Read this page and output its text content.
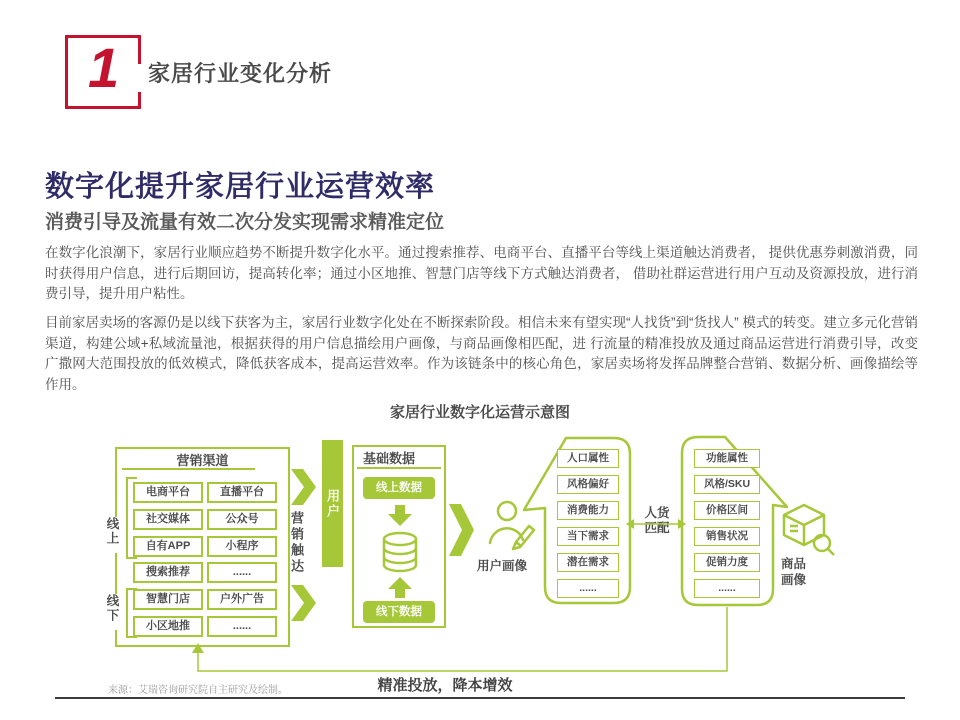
1 家居行业变化分析
数字化提升家居行业运营效率
消费引导及流量有效二次分发实现需求精准定位
在数字化浪潮下，家居行业顺应趋势不断提升数字化水平。通过搜索推荐、电商平台、直播平台等线上渠道触达消费者， 提供优惠券刺激消费，同时获得用户信息，进行后期回访，提高转化率；通过小区地推、智慧门店等线下方式触达消费者， 借助社群运营进行用户互动及资源投放，进行消费引导，提升用户粘性。
目前家居卖场的客源仍是以线下获客为主，家居行业数字化处在不断探索阶段。相信未来有望实现“人找货”到“货找人” 模式的转变。建立多元化营销渠道，构建公域+私域流量池，根据获得的用户信息描绘用户画像，与商品画像相匹配，进 行流量的精准投放及通过商品运营进行消费引导，改变广撒网大范围投放的低效模式，降低获客成本，提高运营效率。作为该链条中的核心角色，家居卖场将发挥品牌整合营销、数据分析、画像描绘等作用。
家居行业数字化运营示意图
营销渠道
电商平台	直播平台
社交媒体	公众号
自有APP	小程序
搜索推荐	......
智慧门店	户外广告
小区地推	......
线上
线下
营销触达
用户
基础数据
线上数据
线下数据
用户画像
人口属性
风格偏好
消费能力
当下需求
潜在需求
......
人货
匹配
功能属性
风格/SKU
价格区间
销售状况
促销力度
......
商品
画像
精准投放，降本增效
来源：艾瑞咨询研究院自主研究及绘制。
